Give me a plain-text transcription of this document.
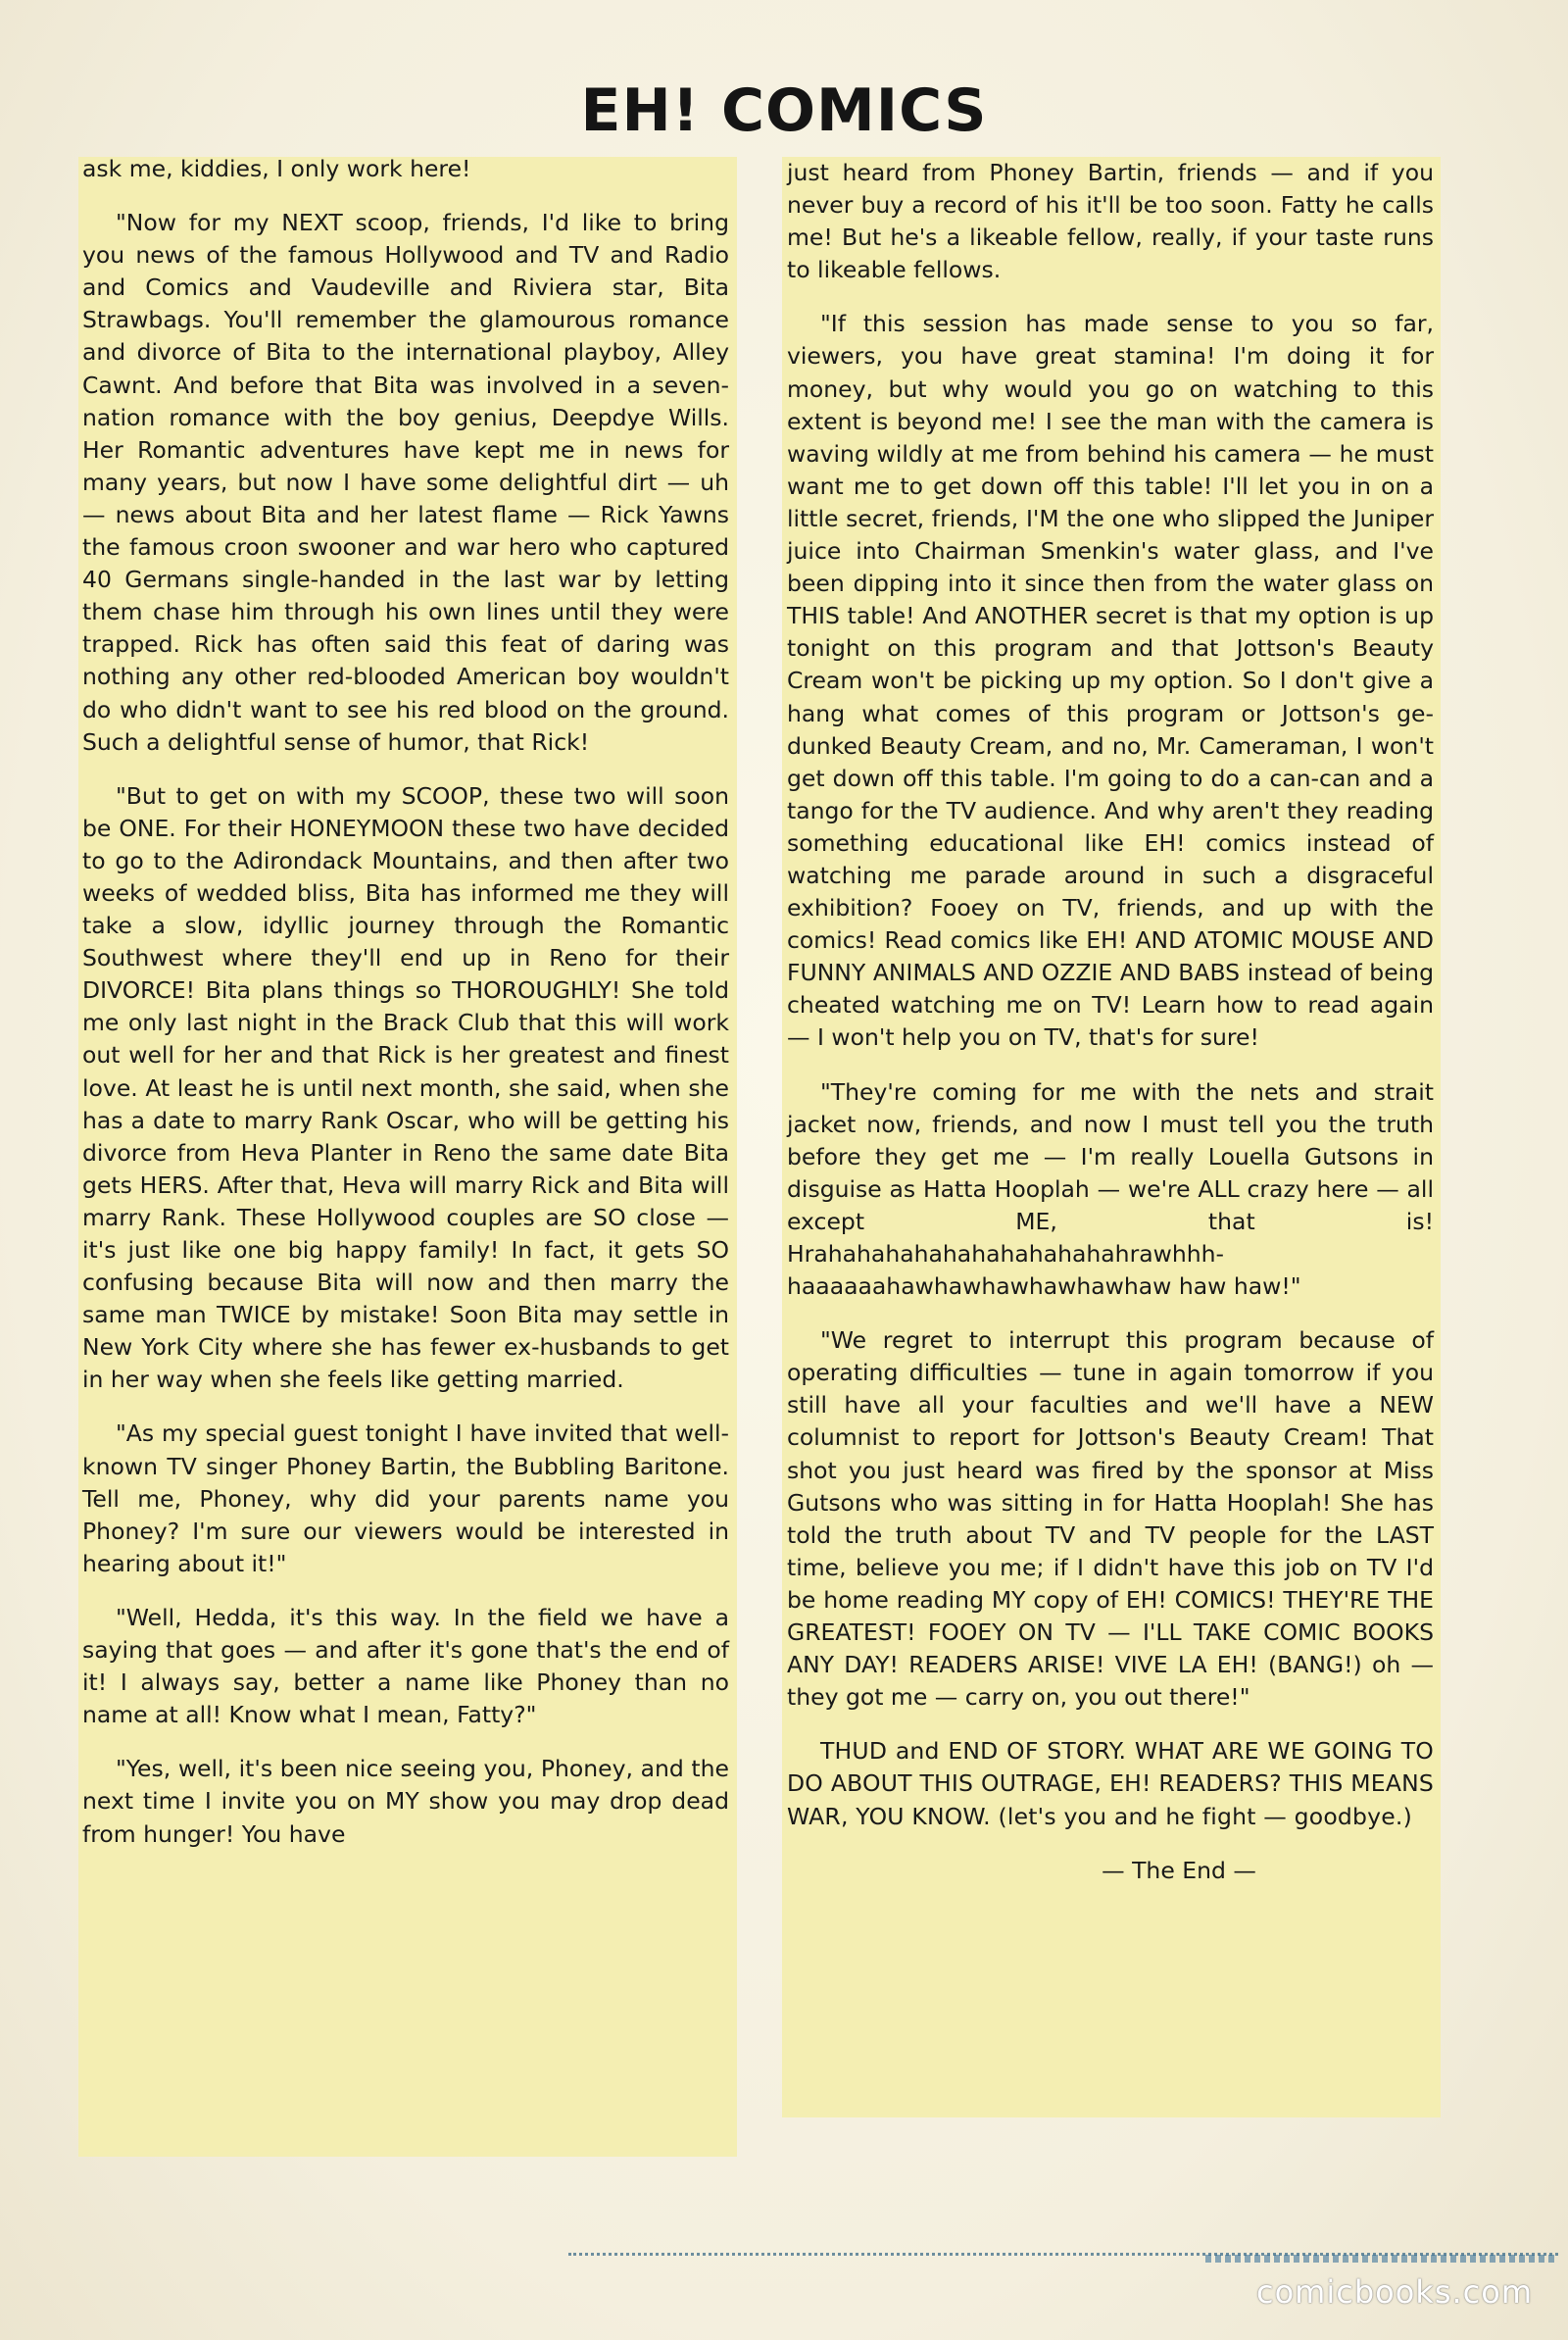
EH! COMICS

ask me, kiddies, I only work here!

"Now for my NEXT scoop, friends, I'd like to bring you news of the famous Hollywood and TV and Radio and Comics and Vaudeville and Riviera star, Bita Strawbags. You'll remember the glamourous romance and divorce of Bita to the international playboy, Alley Cawnt. And before that Bita was involved in a seven-nation romance with the boy genius, Deepdye Wills. Her Romantic adventures have kept me in news for many years, but now I have some delightful dirt — uh — news about Bita and her latest flame — Rick Yawns the famous croon swooner and war hero who captured 40 Germans single-handed in the last war by letting them chase him through his own lines until they were trapped. Rick has often said this feat of daring was nothing any other red-blooded American boy wouldn't do who didn't want to see his red blood on the ground. Such a delightful sense of humor, that Rick!

"But to get on with my SCOOP, these two will soon be ONE. For their HONEYMOON these two have decided to go to the Adirondack Mountains, and then after two weeks of wedded bliss, Bita has informed me they will take a slow, idyllic journey through the Romantic Southwest where they'll end up in Reno for their DIVORCE! Bita plans things so THOROUGHLY! She told me only last night in the Brack Club that this will work out well for her and that Rick is her greatest and finest love. At least he is until next month, she said, when she has a date to marry Rank Oscar, who will be getting his divorce from Heva Planter in Reno the same date Bita gets HERS. After that, Heva will marry Rick and Bita will marry Rank. These Hollywood couples are SO close — it's just like one big happy family! In fact, it gets SO confusing because Bita will now and then marry the same man TWICE by mistake! Soon Bita may settle in New York City where she has fewer ex-husbands to get in her way when she feels like getting married.

"As my special guest tonight I have invited that well-known TV singer Phoney Bartin, the Bubbling Baritone. Tell me, Phoney, why did your parents name you Phoney? I'm sure our viewers would be interested in hearing about it!"

"Well, Hedda, it's this way. In the field we have a saying that goes — and after it's gone that's the end of it! I always say, better a name like Phoney than no name at all! Know what I mean, Fatty?"

"Yes, well, it's been nice seeing you, Phoney, and the next time I invite you on MY show you may drop dead from hunger! You have

just heard from Phoney Bartin, friends — and if you never buy a record of his it'll be too soon. Fatty he calls me! But he's a likeable fellow, really, if your taste runs to likeable fellows.

"If this session has made sense to you so far, viewers, you have great stamina! I'm doing it for money, but why would you go on watching to this extent is beyond me! I see the man with the camera is waving wildly at me from behind his camera — he must want me to get down off this table! I'll let you in on a little secret, friends, I'M the one who slipped the Juniper juice into Chairman Smenkin's water glass, and I've been dipping into it since then from the water glass on THIS table! And ANOTHER secret is that my option is up tonight on this program and that Jottson's Beauty Cream won't be picking up my option. So I don't give a hang what comes of this program or Jottson's ge-dunked Beauty Cream, and no, Mr. Cameraman, I won't get down off this table. I'm going to do a can-can and a tango for the TV audience. And why aren't they reading something educational like EH! comics instead of watching me parade around in such a disgraceful exhibition? Fooey on TV, friends, and up with the comics! Read comics like EH! AND ATOMIC MOUSE AND FUNNY ANIMALS AND OZZIE AND BABS instead of being cheated watching me on TV! Learn how to read again — I won't help you on TV, that's for sure!

"They're coming for me with the nets and strait jacket now, friends, and now I must tell you the truth before they get me — I'm really Louella Gutsons in disguise as Hatta Hooplah — we're ALL crazy here — all except ME, that is! Hrahahahahahahahahahahahrawhhh-haaaaaahawhawhawhawhawhaw haw haw!"

"We regret to interrupt this program because of operating difficulties — tune in again tomorrow if you still have all your faculties and we'll have a NEW columnist to report for Jottson's Beauty Cream! That shot you just heard was fired by the sponsor at Miss Gutsons who was sitting in for Hatta Hooplah! She has told the truth about TV and TV people for the LAST time, believe you me; if I didn't have this job on TV I'd be home reading MY copy of EH! COMICS! THEY'RE THE GREATEST! FOOEY ON TV — I'LL TAKE COMIC BOOKS ANY DAY! READERS ARISE! VIVE LA EH! (BANG!) oh — they got me — carry on, you out there!"

THUD and END OF STORY. WHAT ARE WE GOING TO DO ABOUT THIS OUTRAGE, EH! READERS? THIS MEANS WAR, YOU KNOW. (let's you and he fight — goodbye.)

— The End —

comicbooks.com
